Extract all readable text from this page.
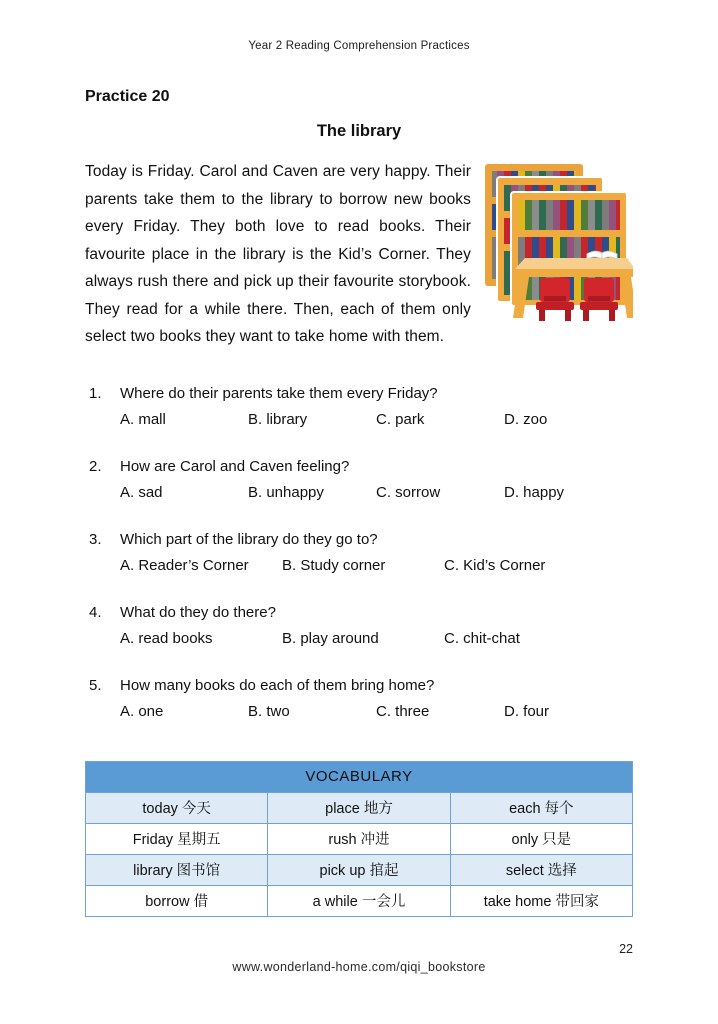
Year 2 Reading Comprehension Practices
Practice 20
The library
Today is Friday. Carol and Caven are very happy. Their parents take them to the library to borrow new books every Friday. They both love to read books. Their favourite place in the library is the Kid’s Corner. They always rush there and pick up their favourite storybook. They read for a while there. Then, each of them only select two books they want to take home with them.
1.	Where do their parents take them every Friday?
A. mall	B. library	C. park	D. zoo
2.	How are Carol and Caven feeling?
A. sad	B. unhappy	C. sorrow	D. happy
3.	Which part of the library do they go to?
A. Reader’s Corner B. Study corner	C. Kid’s Corner
4.	What do they do there?
A. read books	B. play around	C. chit-chat
5.	How many books do each of them bring home?
A. one	B. two	C. three	D. four
VOCABULARY		
today 今天	place 地方	each 每个
Friday 星期五	rush 冲进	only 只是
library 图书馆	pick up 捾起	select 选择
borrow 借	a while 一会儿	take home 带回家
22
www.wonderland-home.com/qiqi_bookstore
